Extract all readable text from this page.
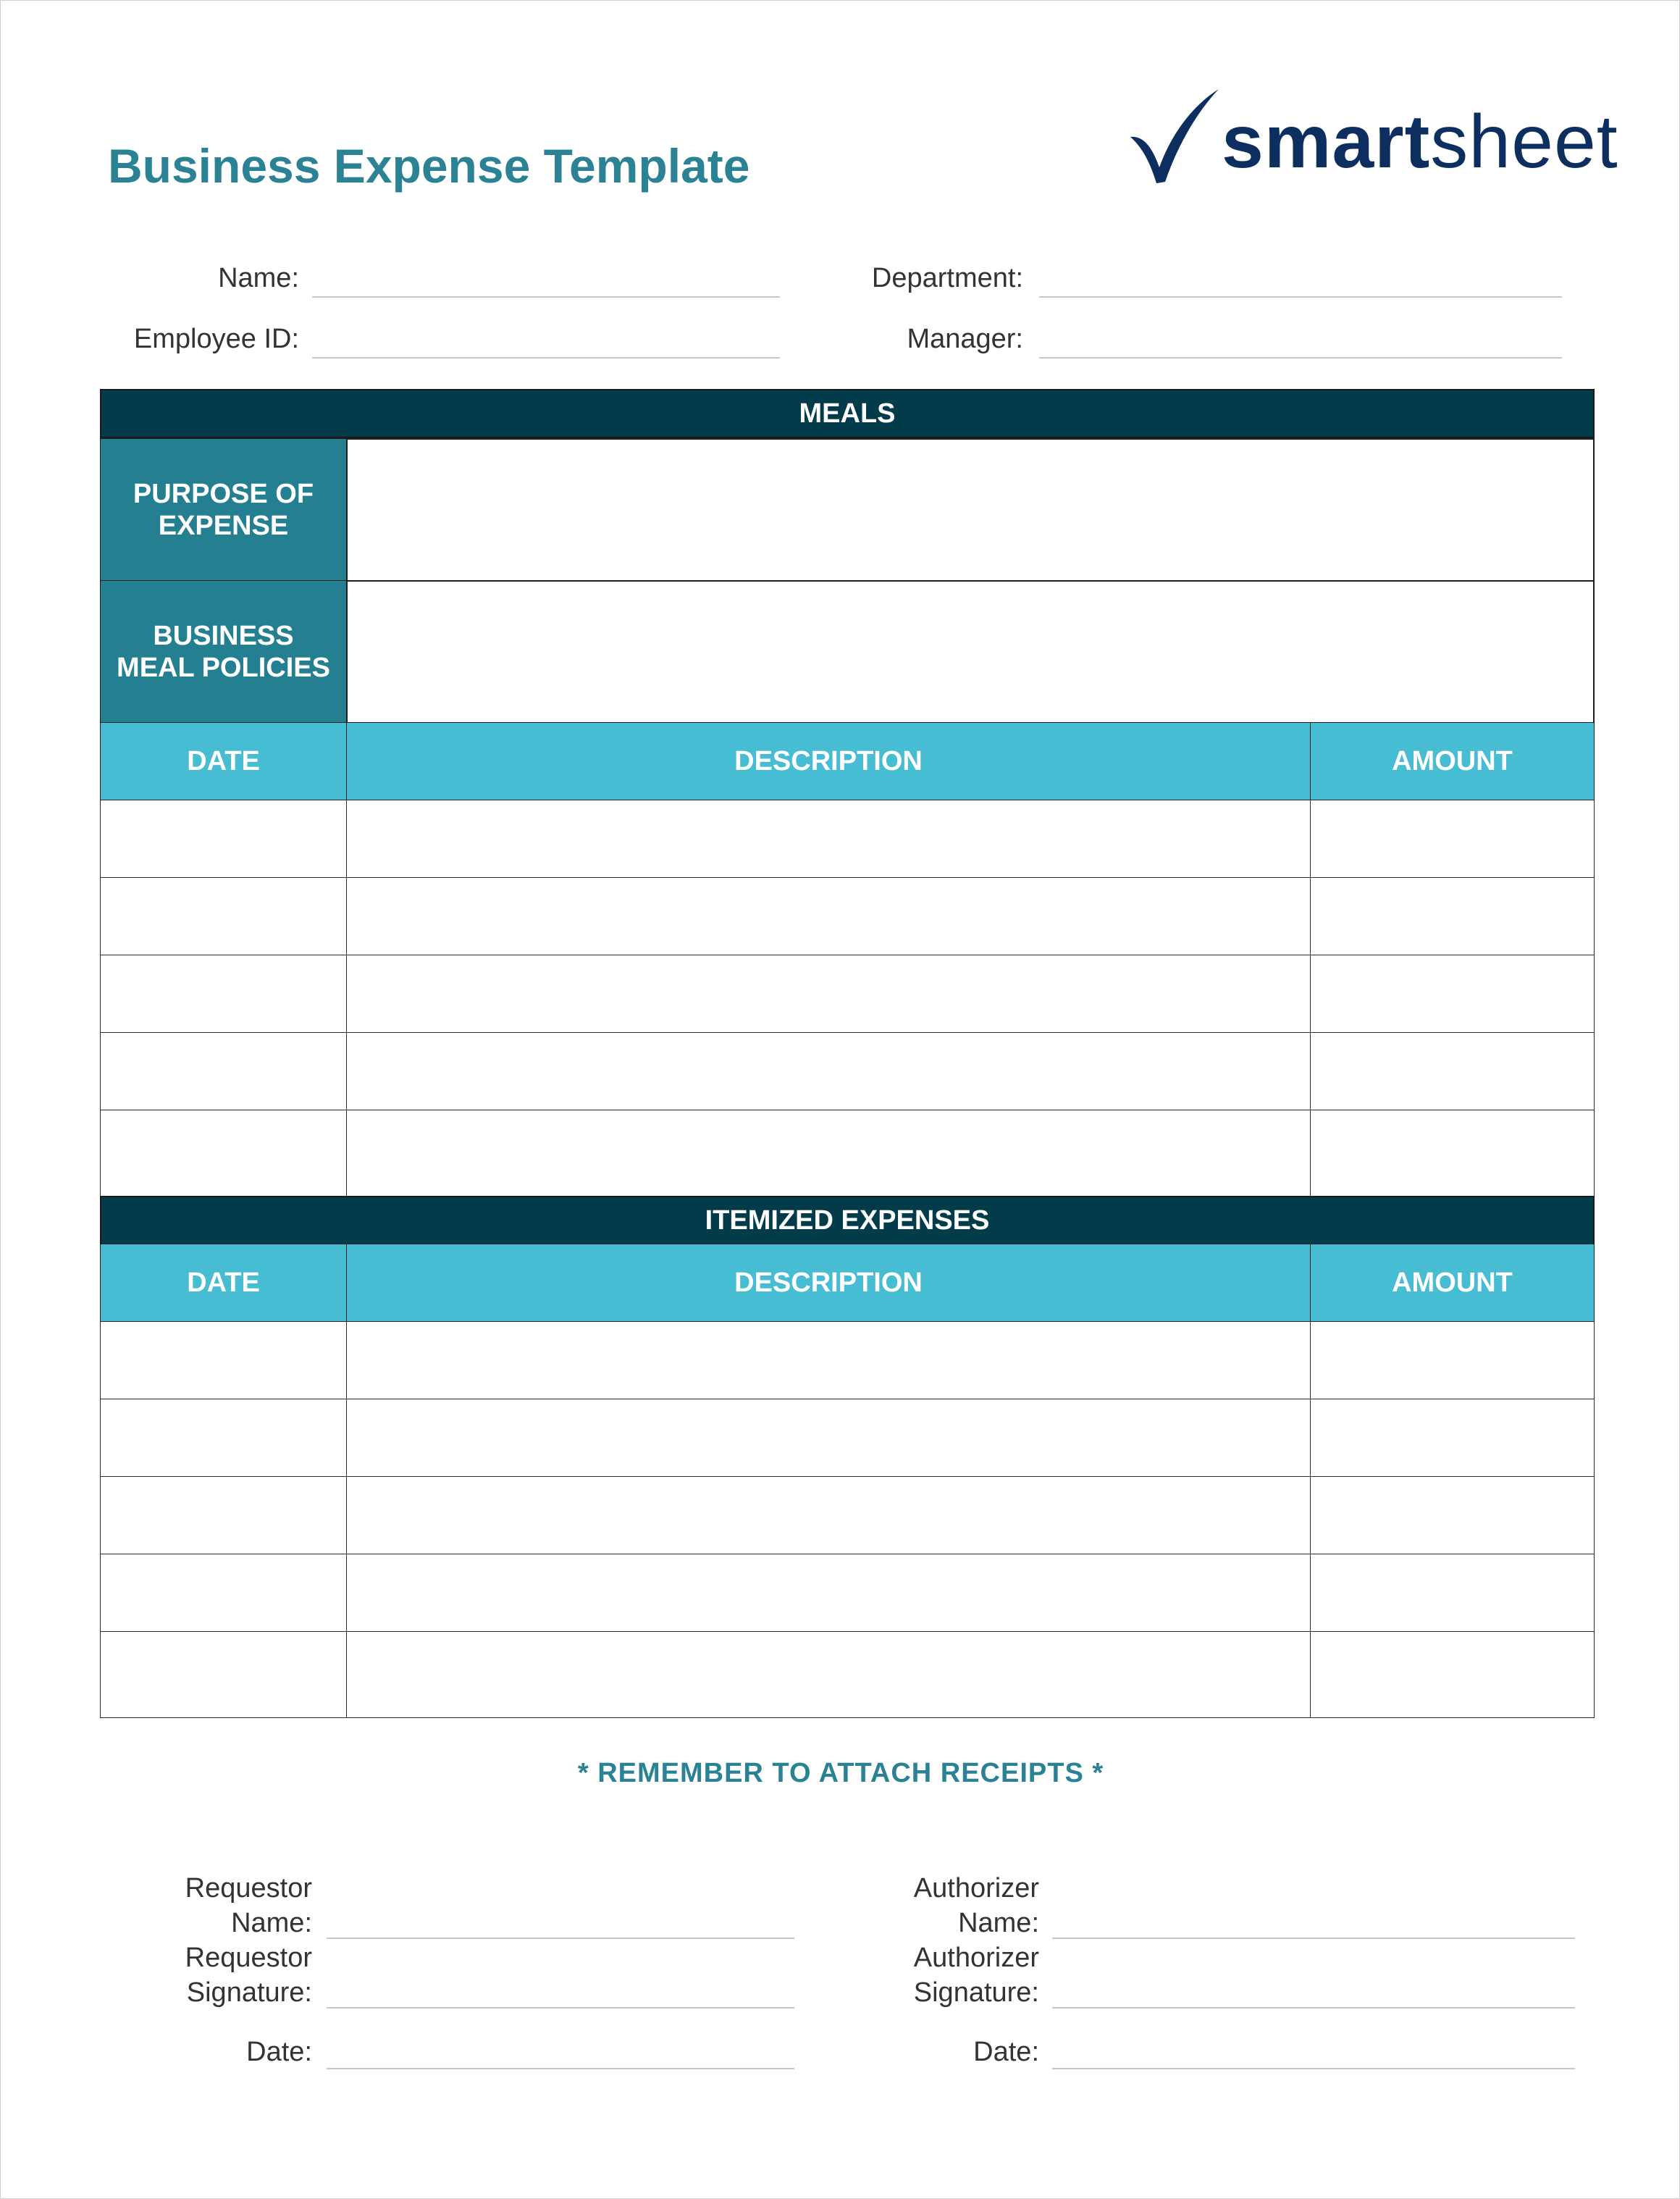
Business Expense Template	smartsheet
Name:
Employee ID:
Department:
Manager:
MEALS
PURPOSE OF
EXPENSE
BUSINESS
MEAL POLICIES
DATE	DESCRIPTION	AMOUNT
ITEMIZED EXPENSES
DATE	DESCRIPTION	AMOUNT
* REMEMBER TO ATTACH RECEIPTS *
Requestor
Name:
Requestor
Signature:
Date:
Authorizer
Name:
Authorizer
Signature:
Date:
